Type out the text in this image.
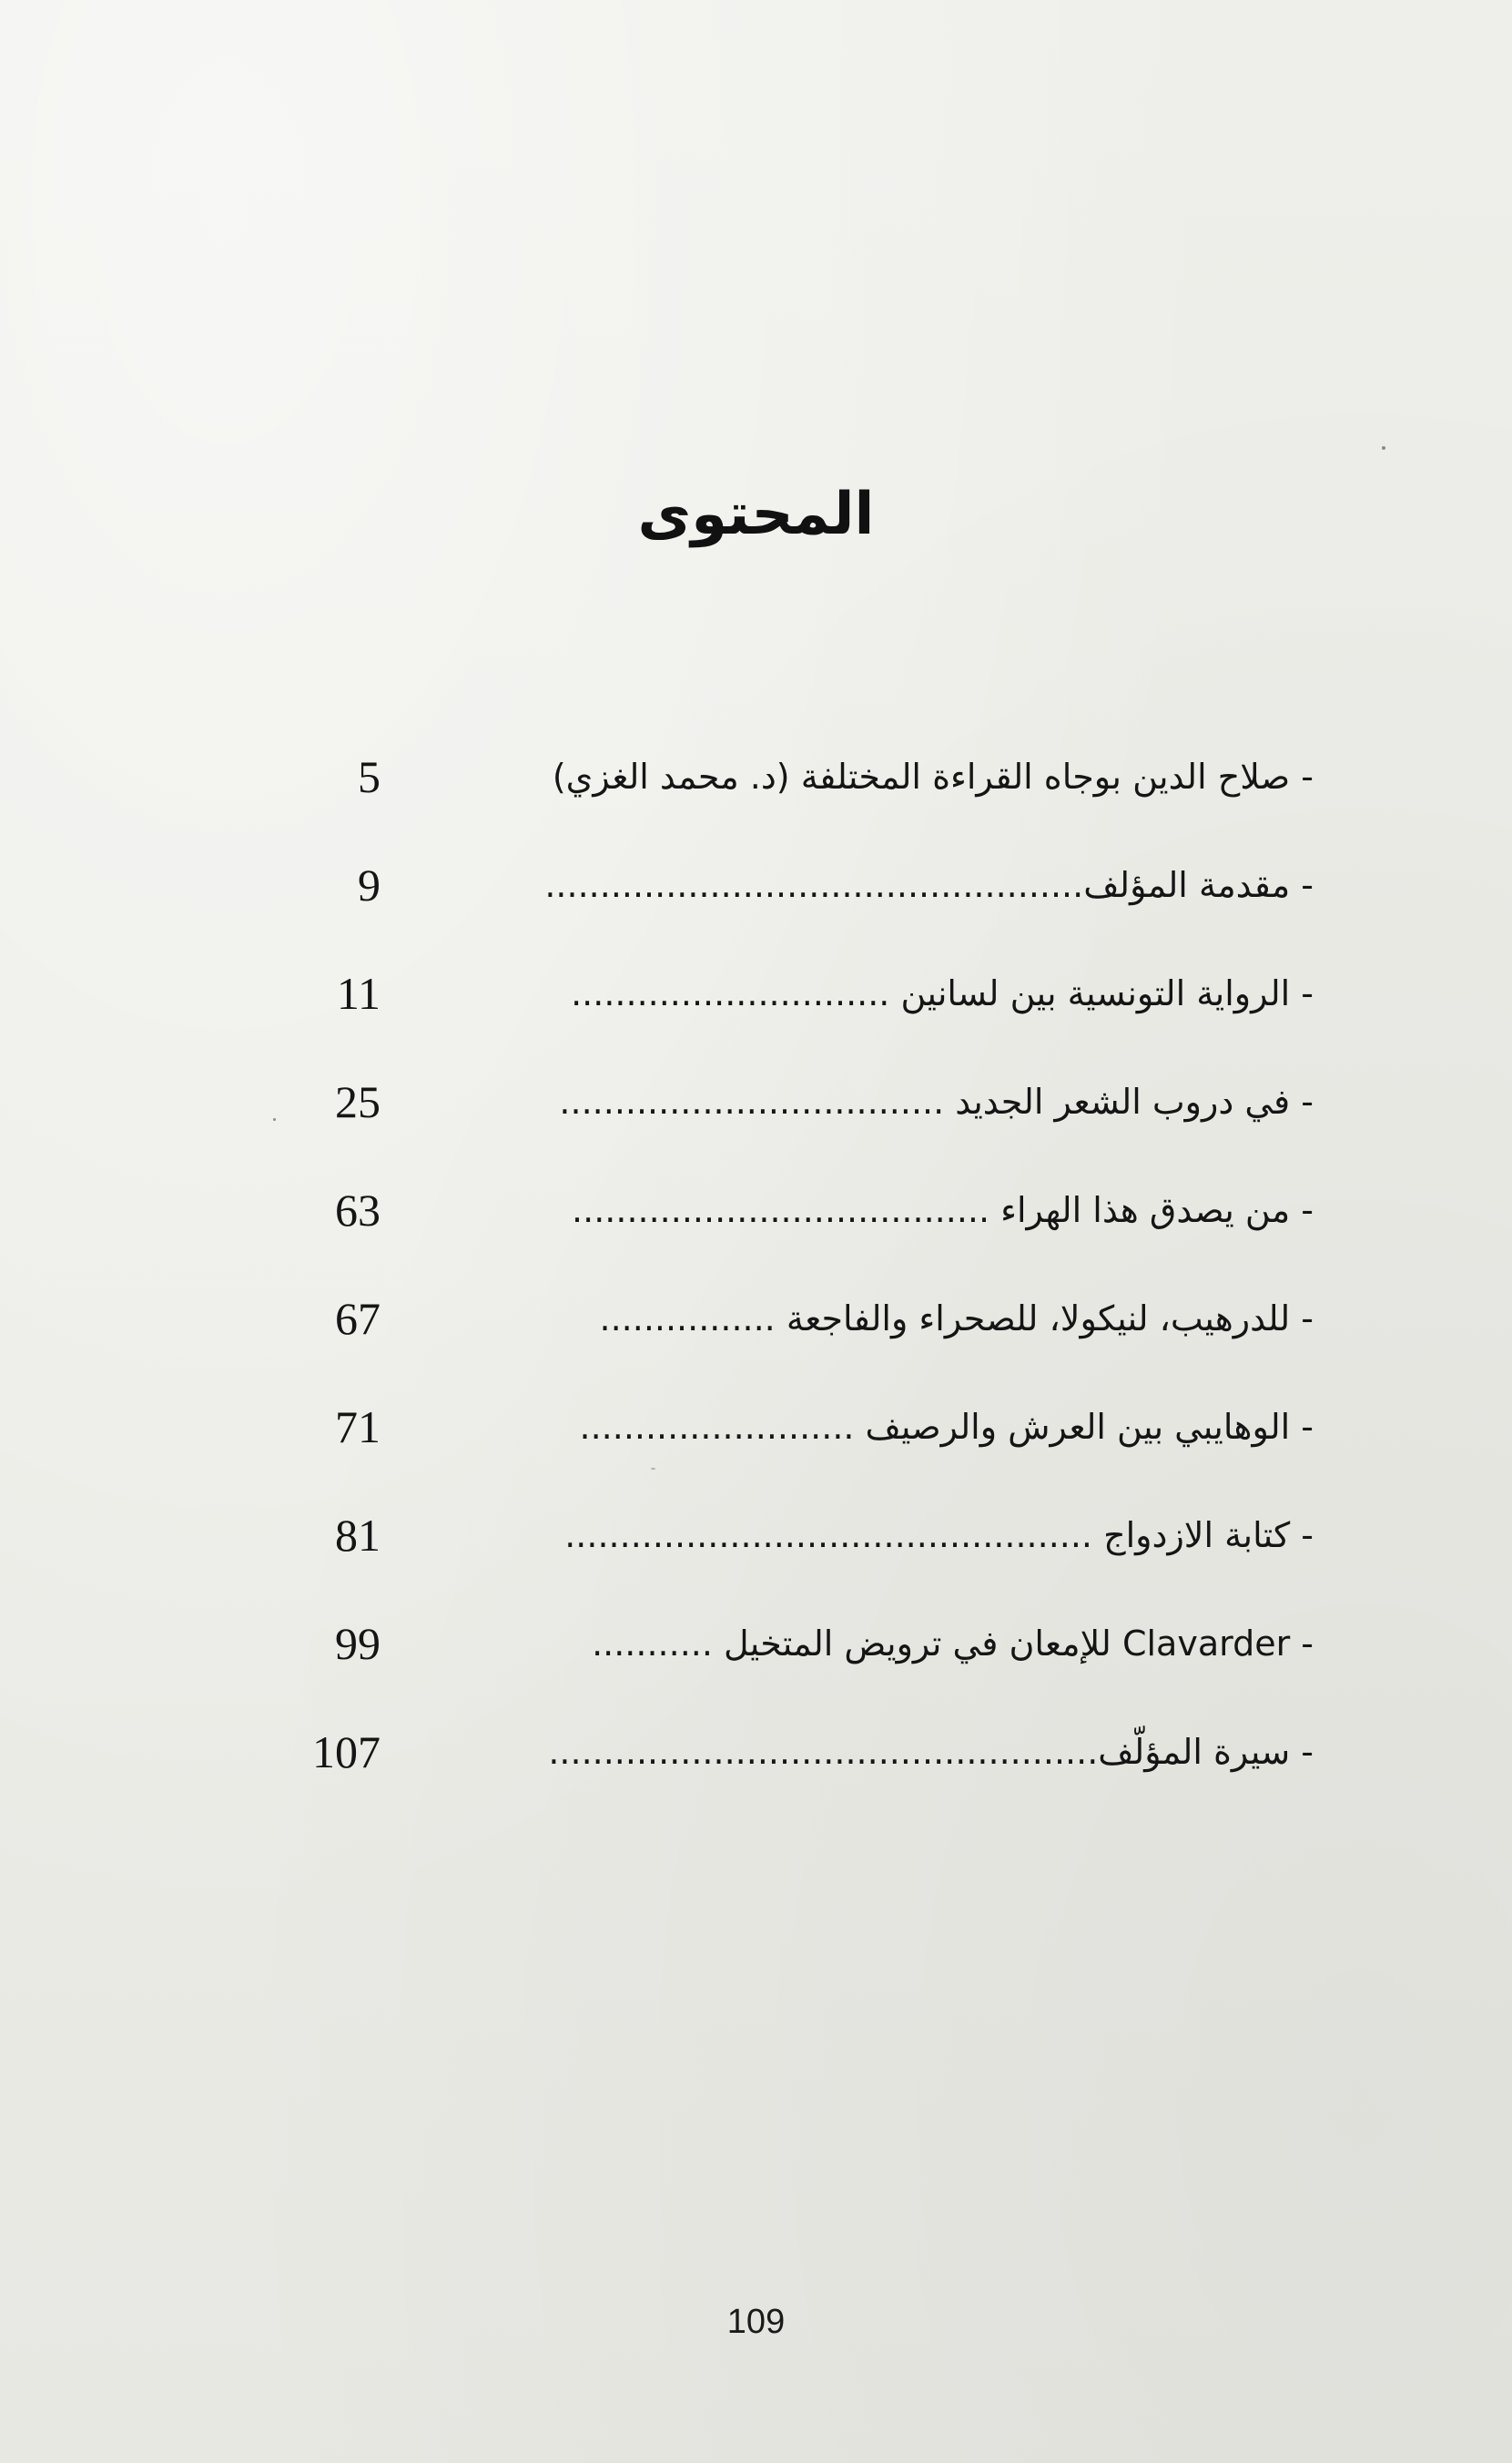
المحتوى
- صلاح الدين بوجاه القراءة المختلفة (د. محمد الغزي)
5
- مقدمة المؤلف.................................................
9
- الرواية التونسية بين لسانين .............................
11
- في دروب الشعر الجديد ...................................
25
- من يصدق هذا الهراء ......................................
63
- للدرهيب، لنيكولا، للصحراء والفاجعة ................
67
- الوهايبي بين العرش والرصيف .........................
71
- كتابة الازدواج ................................................
81
- Clavarder للإمعان في ترويض المتخيل ...........
99
- سيرة المؤلّف..................................................
107
109
